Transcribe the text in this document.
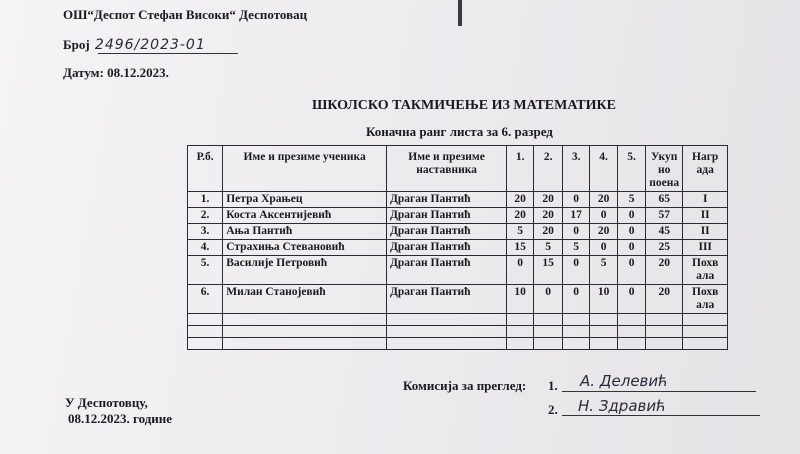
ОШ“Деспот Стефан Високи“ Деспотовац
Број 2496/2023-01
Датум: 08.12.2023.
ШКОЛСКО ТАКМИЧЕЊЕ ИЗ МАТЕМАТИКЕ
Коначна ранг листа за 6. разред
Р.б.	Име и презиме ученика	Име и презиме наставника	1.	2.	3.	4.	5.	Укуп но поена	Нагр ада
1.	Петра Храњец	Драган Пантић	20	20	0	20	5	65	I
2.	Коста Аксентијевић	Драган Пантић	20	20	17	0	0	57	II
3.	Ања Пантић	Драган Пантић	5	20	0	20	0	45	II
4.	Страхиња Стевановић	Драган Пантић	15	5	5	0	0	25	III
5.	Василије Петровић	Драган Пантић	0	15	0	5	0	20	Похв ала
6.	Милан Станојевић	Драган Пантић	10	0	0	10	0	20	Похв ала

Комисија за преглед: 1. А. Делевић
2. Н. Здравић
У Деспотовцу,
08.12.2023. године
